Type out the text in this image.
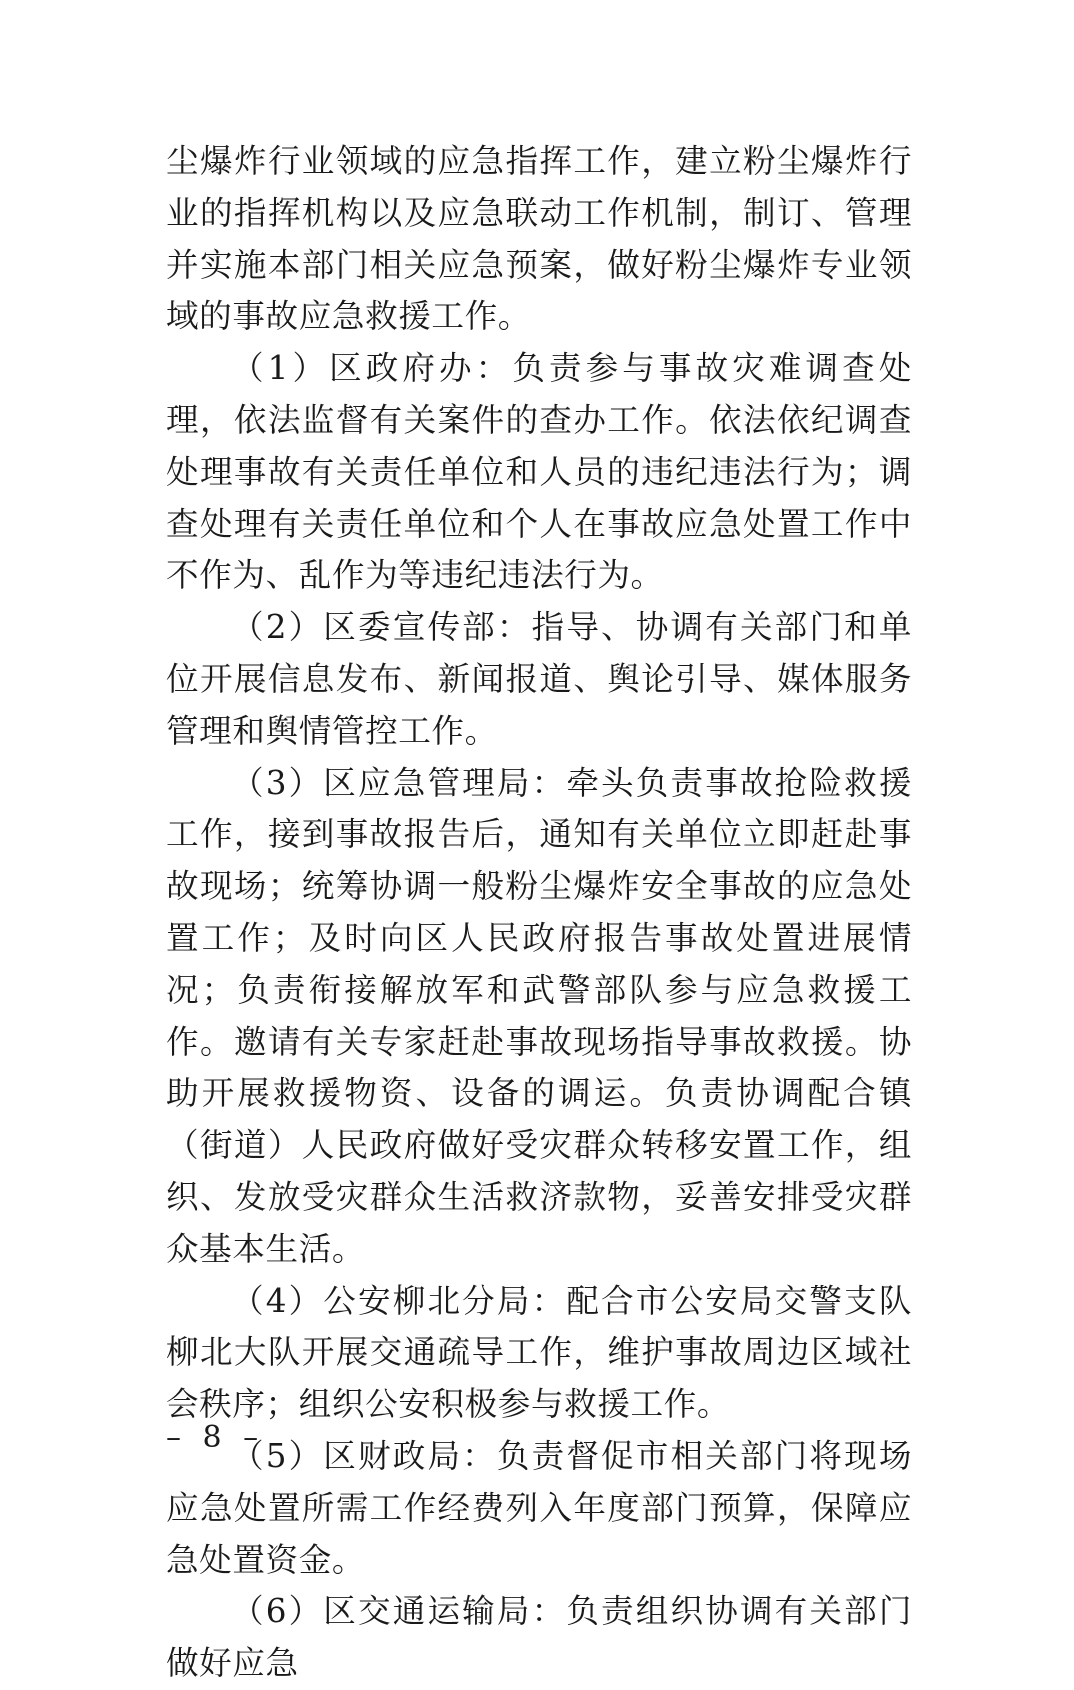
尘爆炸行业领域的应急指挥工作，建立粉尘爆炸行业的指挥机构以及应急联动工作机制，制订、管理并实施本部门相关应急预案，做好粉尘爆炸专业领域的事故应急救援工作。

（1）区政府办：负责参与事故灾难调查处理，依法监督有关案件的查办工作。依法依纪调查处理事故有关责任单位和人员的违纪违法行为；调查处理有关责任单位和个人在事故应急处置工作中不作为、乱作为等违纪违法行为。

（2）区委宣传部：指导、协调有关部门和单位开展信息发布、新闻报道、舆论引导、媒体服务管理和舆情管控工作。

（3）区应急管理局：牵头负责事故抢险救援工作，接到事故报告后，通知有关单位立即赶赴事故现场；统筹协调一般粉尘爆炸安全事故的应急处置工作；及时向区人民政府报告事故处置进展情况；负责衔接解放军和武警部队参与应急救援工作。邀请有关专家赶赴事故现场指导事故救援。协助开展救援物资、设备的调运。负责协调配合镇（街道）人民政府做好受灾群众转移安置工作，组织、发放受灾群众生活救济款物，妥善安排受灾群众基本生活。

（4）公安柳北分局：配合市公安局交警支队柳北大队开展交通疏导工作，维护事故周边区域社会秩序；组织公安积极参与救援工作。

（5）区财政局：负责督促市相关部门将现场应急处置所需工作经费列入年度部门预算，保障应急处置资金。

（6）区交通运输局：负责组织协调有关部门做好应急

– 8 –
